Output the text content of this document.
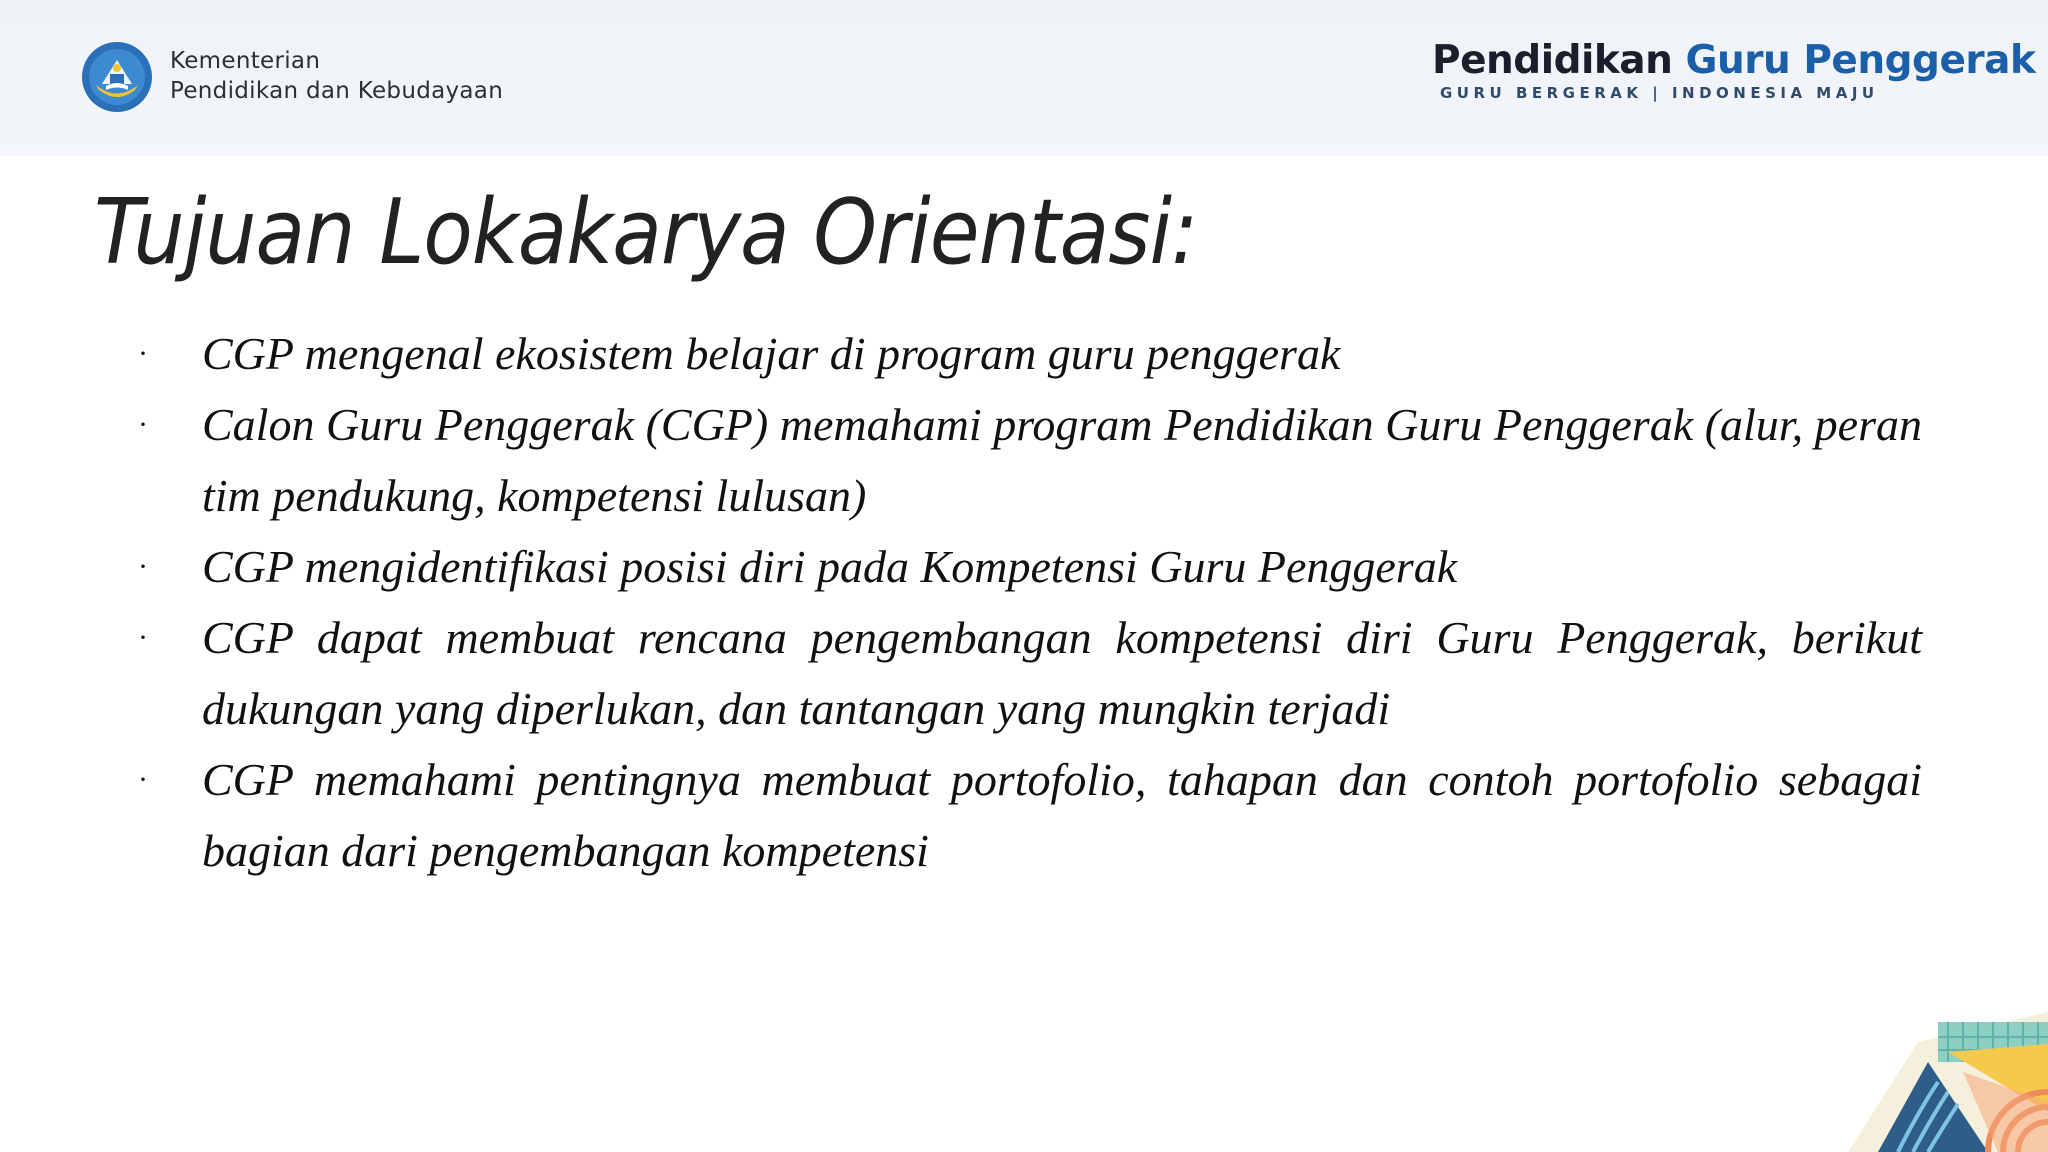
Kementerian
Pendidikan dan Kebudayaan
Pendidikan Guru Penggerak
GURU BERGERAK | INDONESIA MAJU
Tujuan Lokakarya Orientasi:
· CGP mengenal ekosistem belajar di program guru penggerak
· Calon Guru Penggerak (CGP) memahami program Pendidikan Guru Penggerak (alur, peran tim pendukung, kompetensi lulusan)
· CGP mengidentifikasi posisi diri pada Kompetensi Guru Penggerak
· CGP dapat membuat rencana pengembangan kompetensi diri Guru Penggerak, berikut dukungan yang diperlukan, dan tantangan yang mungkin terjadi
· CGP memahami pentingnya membuat portofolio, tahapan dan contoh portofolio sebagai bagian dari pengembangan kompetensi
